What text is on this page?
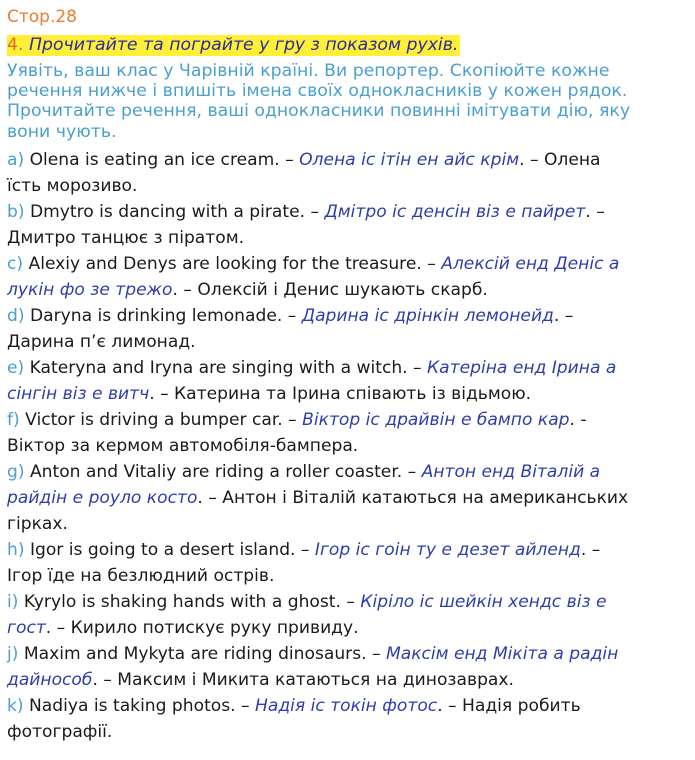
Стор.28
4. Прочитайте та пограйте у гру з показом рухів.
Уявіть, ваш клас у Чарівній країні. Ви репортер. Скопіюйте кожне
речення нижче і впишіть імена своїх однокласників у кожен рядок.
Прочитайте речення, ваші однокласники повинні імітувати дію, яку
вони чують.
a) Olena is eating an ice cream. – Олена іс ітін ен айс крім. – Олена
їсть морозиво.
b) Dmytro is dancing with a pirate. – Дмітро іс денсін віз е пайрет. –
Дмитро танцює з піратом.
c) Alexiy and Denys are looking for the treasure. – Алексій енд Деніс а
лукін фо зе трежо. – Олексій і Денис шукають скарб.
d) Daryna is drinking lemonade. – Дарина іс дрінкін лемонейд. –
Дарина п’є лимонад.
e) Kateryna and Iryna are singing with a witch. – Катеріна енд Ірина а
сінгін віз е витч. – Катерина та Ірина співають із відьмою.
f) Victor is driving a bumper car. – Віктор іс драйвін е бампо кар. -
Віктор за кермом автомобіля-бампера.
g) Anton and Vitaliy are riding a roller coaster. – Антон енд Віталій а
райдін е роуло косто. – Антон і Віталій катаються на американських
гірках.
h) Igor is going to a desert island. – Ігор іс гоін ту е дезет айленд. –
Ігор їде на безлюдний острів.
i) Kyrylo is shaking hands with a ghost. – Кіріло іс шейкін хендс віз е
гост. – Кирило потискує руку привиду.
j) Maxim and Mykyta are riding dinosaurs. – Максім енд Мікіта а радін
дайнособ. – Максим і Микита катаються на динозаврах.
k) Nadiya is taking photos. – Надія іс токін фотос. – Надія робить
фотографії.
